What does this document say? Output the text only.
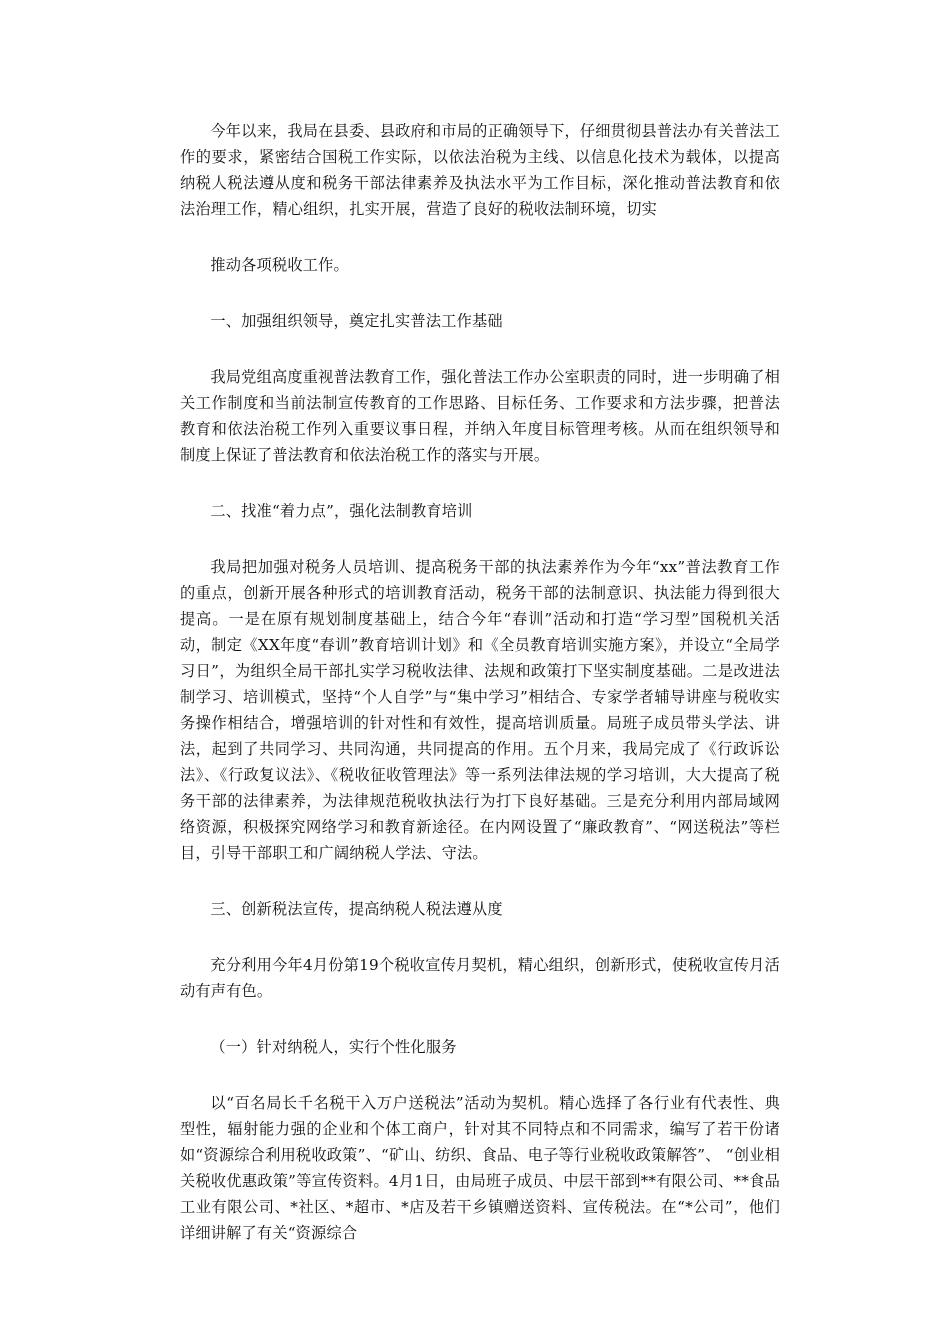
今年以来，我局在县委、县政府和市局的正确领导下，仔细贯彻县普法办有关普法工作的要求，紧密结合国税工作实际，以依法治税为主线、以信息化技术为载体，以提高纳税人税法遵从度和税务干部法律素养及执法水平为工作目标，深化推动普法教育和依法治理工作，精心组织，扎实开展，营造了良好的税收法制环境，切实

推动各项税收工作。

一、加强组织领导，奠定扎实普法工作基础

我局党组高度重视普法教育工作，强化普法工作办公室职责的同时，进一步明确了相关工作制度和当前法制宣传教育的工作思路、目标任务、工作要求和方法步骤，把普法教育和依法治税工作列入重要议事日程，并纳入年度目标管理考核。从而在组织领导和制度上保证了普法教育和依法治税工作的落实与开展。

二、找准“着力点”，强化法制教育培训

我局把加强对税务人员培训、提高税务干部的执法素养作为今年“xx”普法教育工作的重点，创新开展各种形式的培训教育活动，税务干部的法制意识、执法能力得到很大提高。一是在原有规划制度基础上，结合今年“春训”活动和打造“学习型”国税机关活动，制定《XX年度“春训”教育培训计划》和《全员教育培训实施方案》，并设立“全局学习日”，为组织全局干部扎实学习税收法律、法规和政策打下坚实制度基础。二是改进法制学习、培训模式，坚持“个人自学”与“集中学习”相结合、专家学者辅导讲座与税收实务操作相结合，增强培训的针对性和有效性，提高培训质量。局班子成员带头学法、讲法，起到了共同学习、共同沟通，共同提高的作用。五个月来，我局完成了《行政诉讼法》、《行政复议法》、《税收征收管理法》等一系列法律法规的学习培训，大大提高了税务干部的法律素养，为法律规范税收执法行为打下良好基础。三是充分利用内部局域网络资源，积极探究网络学习和教育新途径。在内网设置了“廉政教育”、“网送税法”等栏目，引导干部职工和广阔纳税人学法、守法。

三、创新税法宣传，提高纳税人税法遵从度

充分利用今年4月份第19个税收宣传月契机，精心组织，创新形式，使税收宣传月活动有声有色。

（一）针对纳税人，实行个性化服务

以“百名局长千名税干入万户送税法”活动为契机。精心选择了各行业有代表性、典型性，辐射能力强的企业和个体工商户，针对其不同特点和不同需求，编写了若干份诸如“资源综合利用税收政策”、“矿山、纺织、食品、电子等行业税收政策解答”、 “创业相关税收优惠政策”等宣传资料。4月1日，由局班子成员、中层干部到**有限公司、**食品工业有限公司、*社区、*超市、*店及若干乡镇赠送资料、宣传税法。在“*公司”，他们详细讲解了有关“资源综合
